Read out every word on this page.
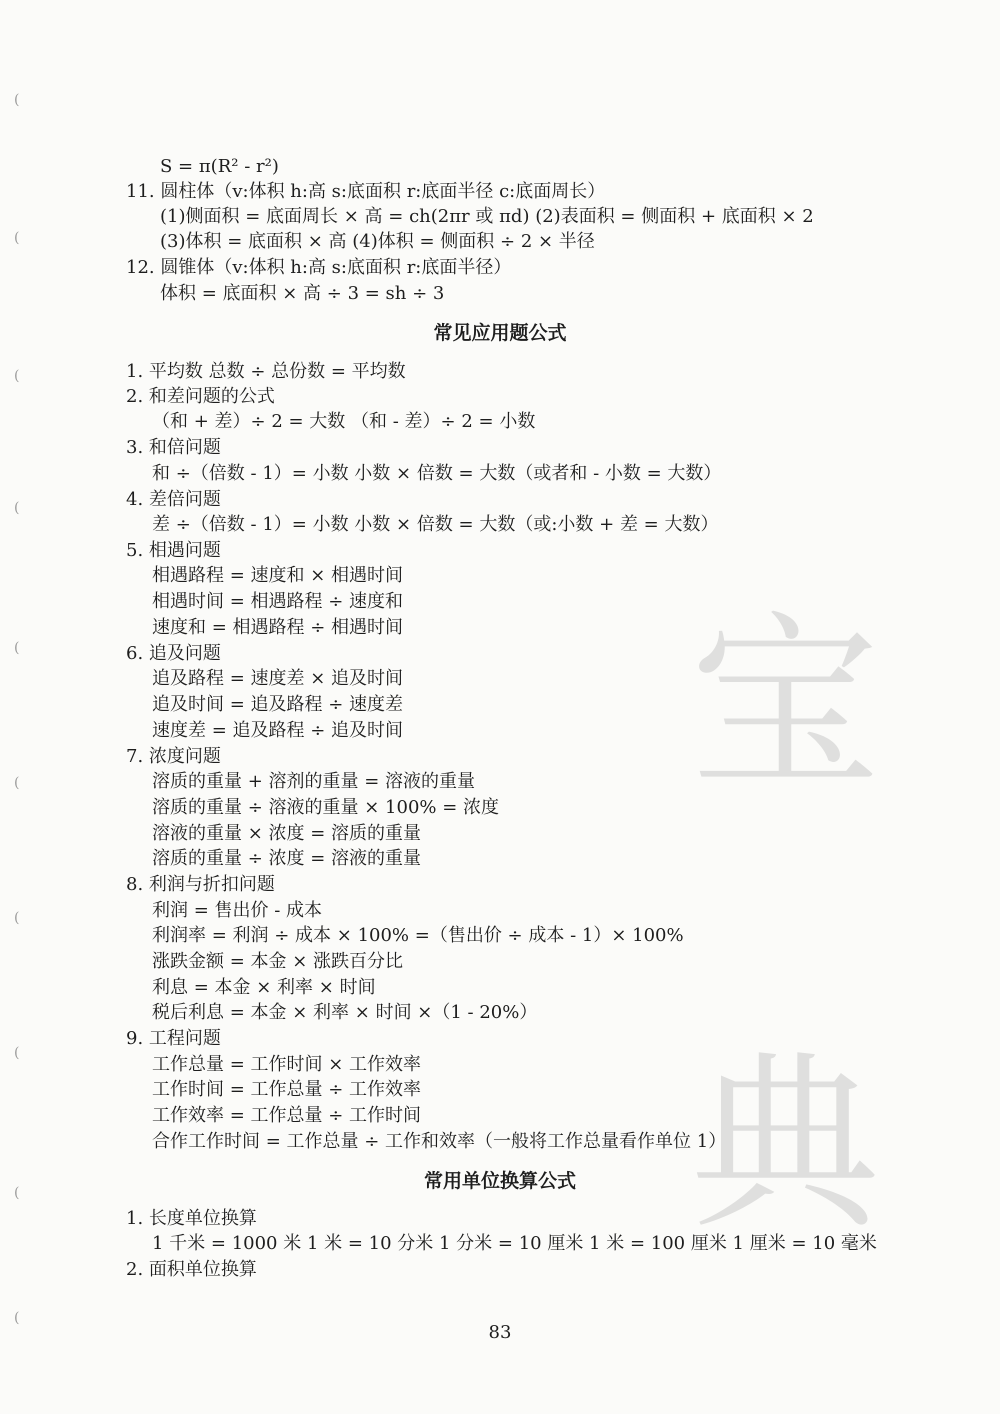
宝
典
(
(
(
(
(
(
(
(
(
(
S = π(R² - r²)
11. 圆柱体（v:体积 h:高 s:底面积 r:底面半径 c:底面周长）
(1)侧面积 = 底面周长 × 高 = ch(2πr 或 πd) (2)表面积 = 侧面积 + 底面积 × 2
(3)体积 = 底面积 × 高 (4)体积 = 侧面积 ÷ 2 × 半径
12. 圆锥体（v:体积 h:高 s:底面积 r:底面半径）
体积 = 底面积 × 高 ÷ 3 = sh ÷ 3
常见应用题公式
1. 平均数 总数 ÷ 总份数 = 平均数
2. 和差问题的公式
（和 + 差）÷ 2 = 大数 （和 - 差）÷ 2 = 小数
3. 和倍问题
和 ÷（倍数 - 1）= 小数 小数 × 倍数 = 大数（或者和 - 小数 = 大数）
4. 差倍问题
差 ÷（倍数 - 1）= 小数 小数 × 倍数 = 大数（或:小数 + 差 = 大数）
5. 相遇问题
相遇路程 = 速度和 × 相遇时间
相遇时间 = 相遇路程 ÷ 速度和
速度和 = 相遇路程 ÷ 相遇时间
6. 追及问题
追及路程 = 速度差 × 追及时间
追及时间 = 追及路程 ÷ 速度差
速度差 = 追及路程 ÷ 追及时间
7. 浓度问题
溶质的重量 + 溶剂的重量 = 溶液的重量
溶质的重量 ÷ 溶液的重量 × 100% = 浓度
溶液的重量 × 浓度 = 溶质的重量
溶质的重量 ÷ 浓度 = 溶液的重量
8. 利润与折扣问题
利润 = 售出价 - 成本
利润率 = 利润 ÷ 成本 × 100% =（售出价 ÷ 成本 - 1）× 100%
涨跌金额 = 本金 × 涨跌百分比
利息 = 本金 × 利率 × 时间
税后利息 = 本金 × 利率 × 时间 ×（1 - 20%）
9. 工程问题
工作总量 = 工作时间 × 工作效率
工作时间 = 工作总量 ÷ 工作效率
工作效率 = 工作总量 ÷ 工作时间
合作工作时间 = 工作总量 ÷ 工作和效率（一般将工作总量看作单位 1）
常用单位换算公式
1. 长度单位换算
1 千米 = 1000 米 1 米 = 10 分米 1 分米 = 10 厘米 1 米 = 100 厘米 1 厘米 = 10 毫米
2. 面积单位换算
83
